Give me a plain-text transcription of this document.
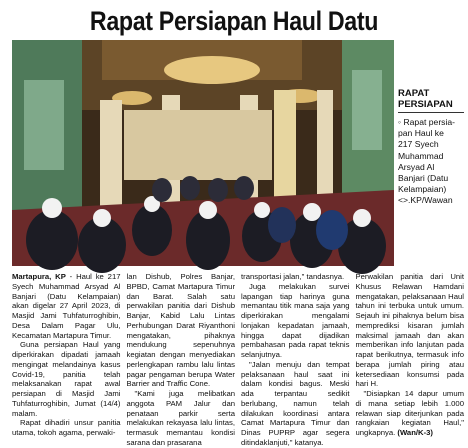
Rapat Persiapan Haul Datu
RAPAT PERSIAPAN
◦ Rapat persia-
pan Haul ke
217 Syech
Muhammad
Arsyad Al
Banjari (Datu
Kelampaian)
<>.KP/Wawan

Martapura, KP - Haul ke 217 Syech Muhammad Arsyad Al Banjari (Datu Kelampaian) akan digelar 27 April 2023, di Masjid Jami Tuhfaturroghibin, Desa Dalam Pagar Ulu, Kecamatan Martapura Timur.

Guna persiapan Haul yang diperkirakan dipadati jamaah mengingat melandainya kasus Covid-19, panitia telah melaksanakan rapat awal persiapan di Masjid Jami Tuhfaturroghibin, Jumat (14/4) malam.

Rapat dihadiri unsur panitia utama, tokoh agama, perwaki-

lan Dishub, Polres Banjar, BPBD, Camat Martapura Timur dan Barat. Salah satu perwakilan panitia dari Dishub Banjar, Kabid Lalu Lintas Perhubungan Darat Riyanthoni mengatakan, pihaknya mendukung sepenuhnya kegiatan dengan menyediakan perlengkapan rambu lalu lintas pagar pengaman berupa Water Barrier and Traffic Cone.

"Kami juga melibatkan anggota PAM Jalur dan penataan parkir serta melakukan rekayasa lalu lintas, termasuk memantau kondisi sarana dan prasarana

transportasi jalan," tandasnya.

Juga melakukan survei lapangan tiap harinya guna memantau titik mana saja yang diperkirakan mengalami lonjakan kepadatan jamaah, hingga dapat dijadikan pembahasan pada rapat teknis selanjutnya.

"Jalan menuju dan tempat pelaksanaan haul saat ini dalam kondisi bagus. Meski ada terpantau sedikit berlubang, namun telah dilakukan koordinasi antara Camat Martapura Timur dan Dinas PUPRP agar segera ditindaklanjuti," katanya.

Perwakilan panitia dari Unit Khusus Relawan Hamdani mengatakan, pelaksanaan Haul tahun ini terbuka untuk umum. Sejauh ini pihaknya belum bisa memprediksi kisaran jumlah maksimal jamaah dan akan memberikan info lanjutan pada rapat berikutnya, termasuk info berapa jumlah piring atau ketersediaan konsumsi pada hari H.

"Disiapkan 14 dapur umum di mana setiap lebih 1.000 relawan siap diterjunkan pada rangkaian kegiatan Haul," ungkapnya. (Wan/K-3)
